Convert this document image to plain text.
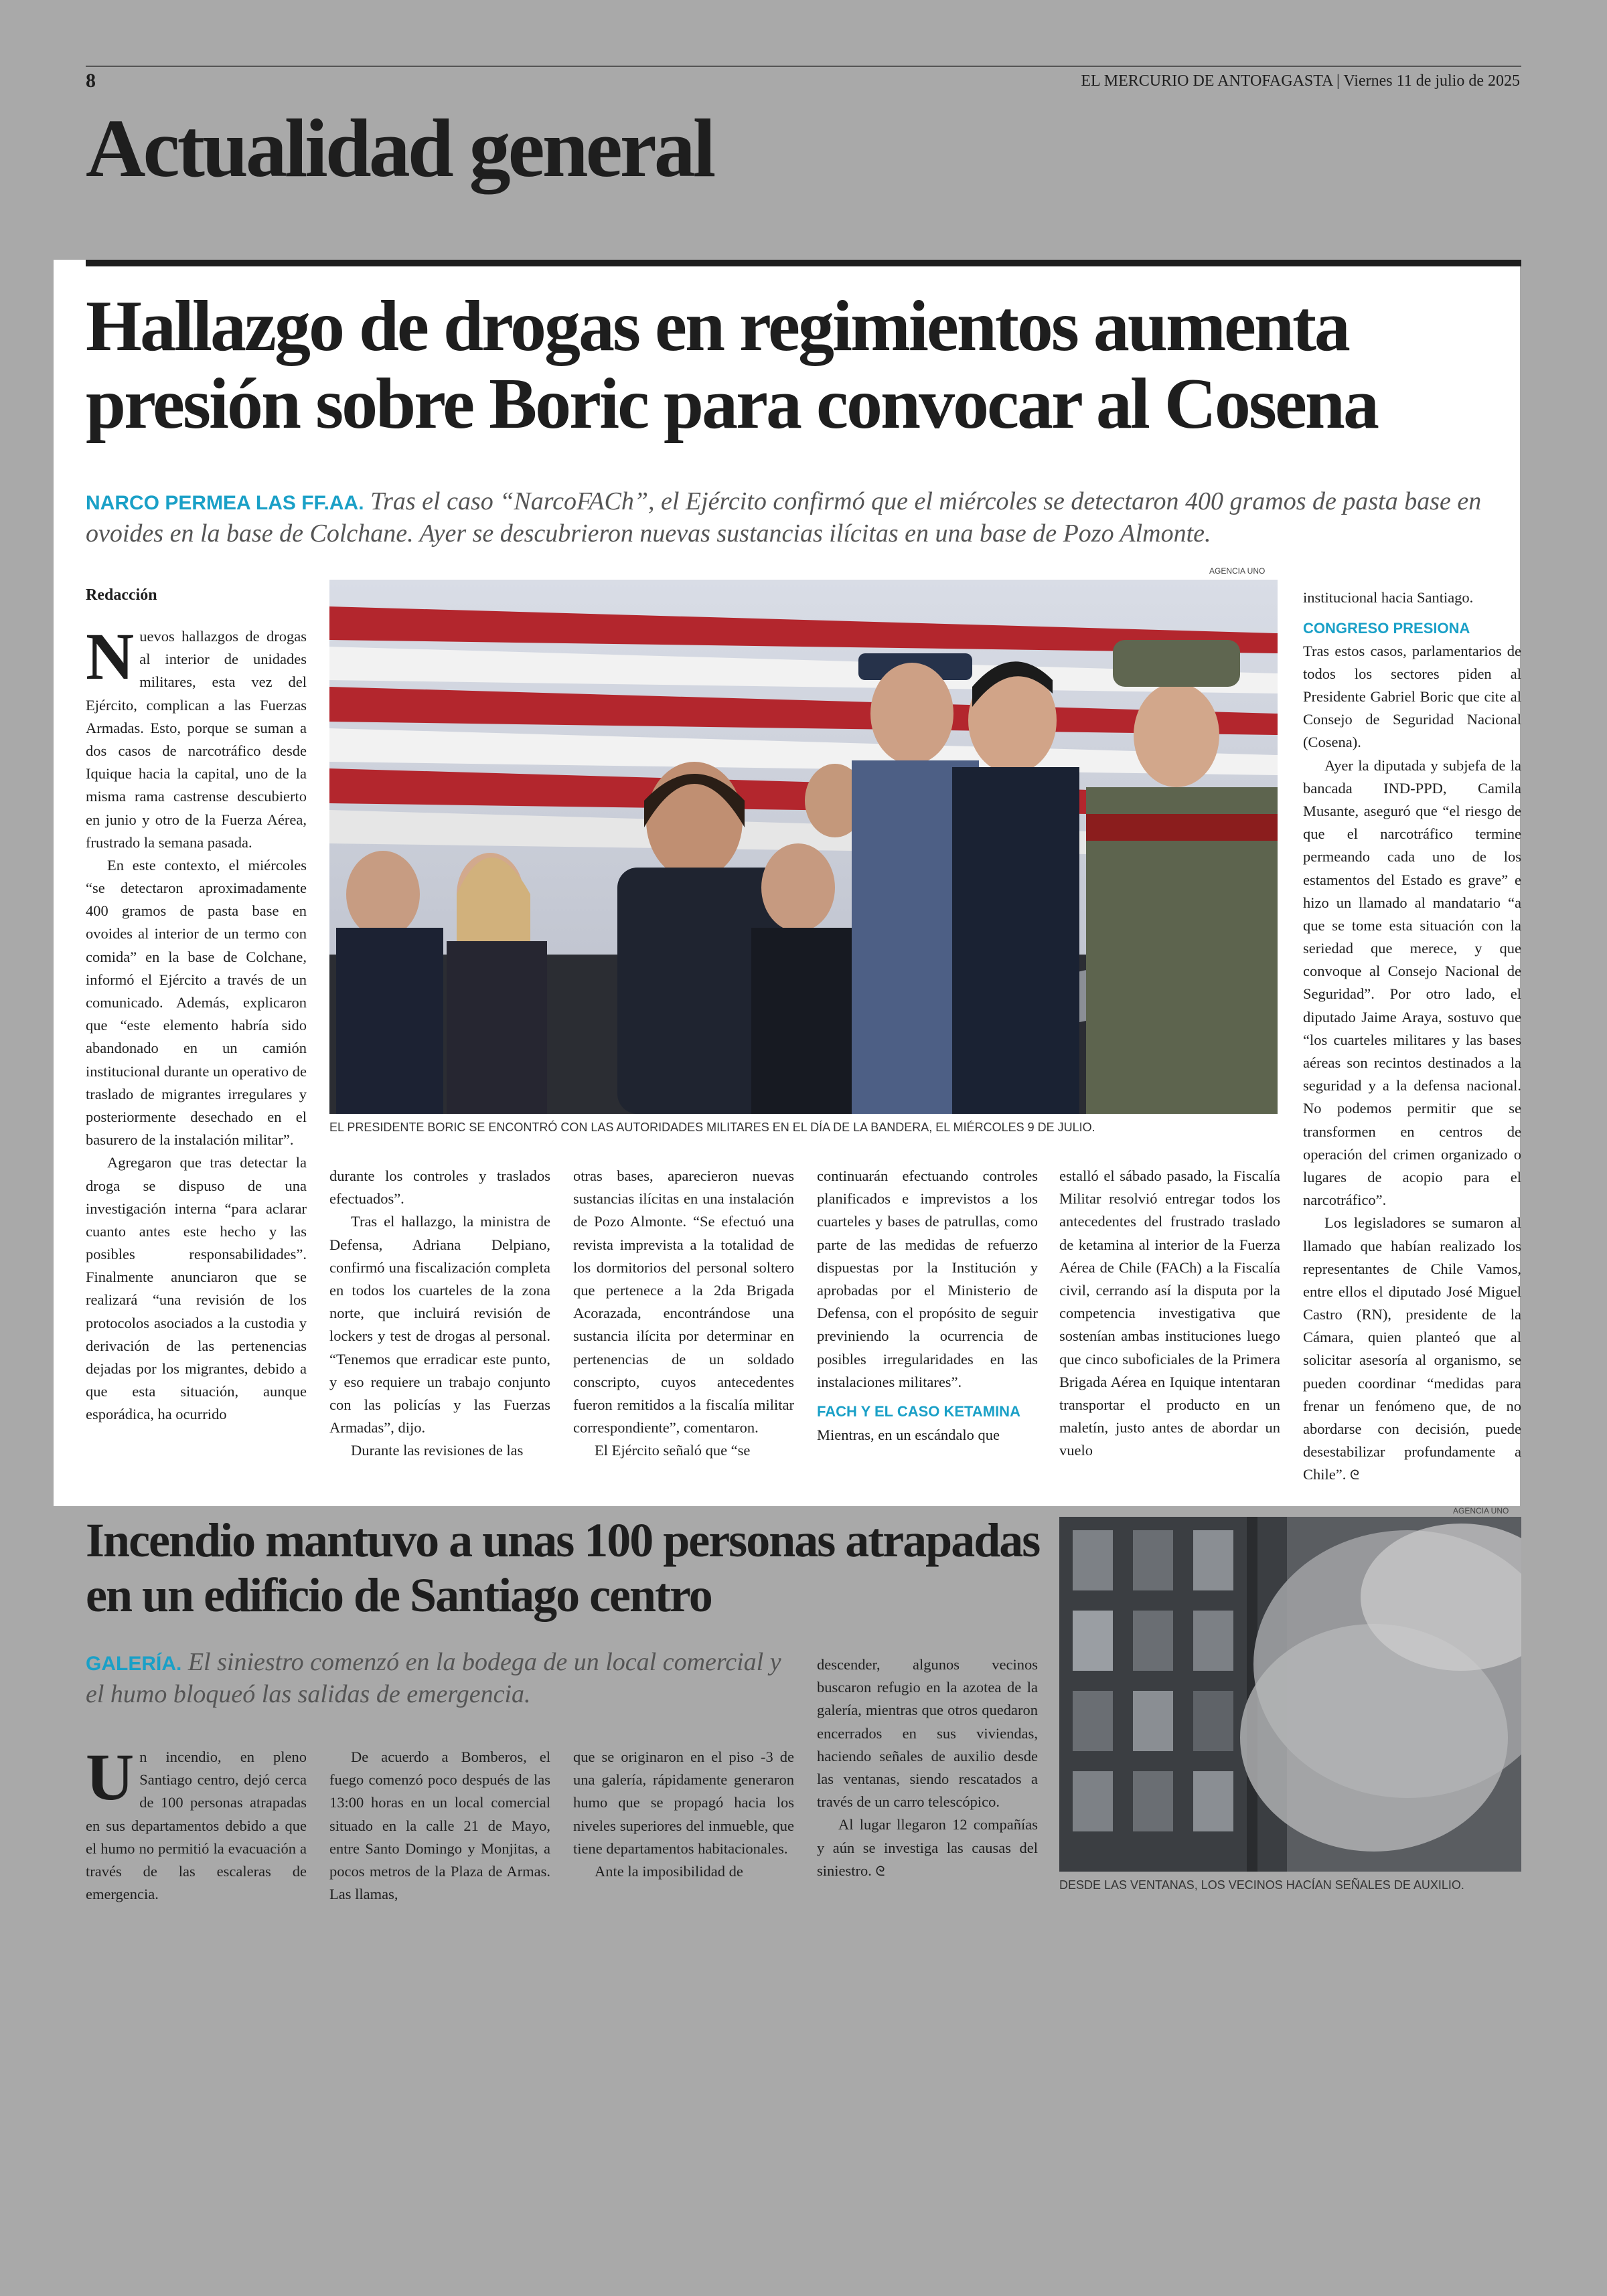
8	EL MERCURIO DE ANTOFAGASTA | Viernes 11 de julio de 2025
Actualidad general
Hallazgo de drogas en regimientos aumenta presión sobre Boric para convocar al Cosena
NARCO PERMEA LAS FF.AA. Tras el caso “NarcoFACh”, el Ejército confirmó que el miércoles se detectaron 400 gramos de pasta base en ovoides en la base de Colchane. Ayer se descubrieron nuevas sustancias ilícitas en una base de Pozo Almonte.
Redacción
AGENCIA UNO
EL PRESIDENTE BORIC SE ENCONTRÓ CON LAS AUTORIDADES MILITARES EN EL DÍA DE LA BANDERA, EL MIÉRCOLES 9 DE JULIO.

Nuevos hallazgos de drogas al interior de unidades militares, esta vez del Ejército, complican a las Fuerzas Armadas. Esto, porque se suman a dos casos de narcotráfico desde Iquique hacia la capital, uno de la misma rama castrense descubierto en junio y otro de la Fuerza Aérea, frustrado la semana pasada.

En este contexto, el miércoles “se detectaron aproximadamente 400 gramos de pasta base en ovoides al interior de un termo con comida” en la base de Colchane, informó el Ejército a través de un comunicado. Además, explicaron que “este elemento habría sido abandonado en un camión institucional durante un operativo de traslado de migrantes irregulares y posteriormente desechado en el basurero de la instalación militar”.

Agregaron que tras detectar la droga se dispuso de una investigación interna “para aclarar cuanto antes este hecho y las posibles responsabilidades”. Finalmente anunciaron que se realizará “una revisión de los protocolos asociados a la custodia y derivación de las pertenencias dejadas por los migrantes, debido a que esta situación, aunque esporádica, ha ocurrido

durante los controles y traslados efectuados”.

Tras el hallazgo, la ministra de Defensa, Adriana Delpiano, confirmó una fiscalización completa en todos los cuarteles de la zona norte, que incluirá revisión de lockers y test de drogas al personal. “Tenemos que erradicar este punto, y eso requiere un trabajo conjunto con las policías y las Fuerzas Armadas”, dijo.

Durante las revisiones de las

otras bases, aparecieron nuevas sustancias ilícitas en una instalación de Pozo Almonte. “Se efectuó una revista imprevista a la totalidad de los dormitorios del personal soltero que pertenece a la 2da Brigada Acorazada, encontrándose una sustancia ilícita por determinar en pertenencias de un soldado conscripto, cuyos antecedentes fueron remitidos a la fiscalía militar correspondiente”, comentaron.

El Ejército señaló que “se

continuarán efectuando controles planificados e imprevistos a los cuarteles y bases de patrullas, como parte de las medidas de refuerzo dispuestas por la Institución y aprobadas por el Ministerio de Defensa, con el propósito de seguir previniendo la ocurrencia de posibles irregularidades en las instalaciones militares”.

FACH Y EL CASO KETAMINA

Mientras, en un escándalo que

estalló el sábado pasado, la Fiscalía Militar resolvió entregar todos los antecedentes del frustrado traslado de ketamina al interior de la Fuerza Aérea de Chile (FACh) a la Fiscalía civil, cerrando así la disputa por la competencia investigativa que sostenían ambas instituciones luego que cinco suboficiales de la Primera Brigada Aérea en Iquique intentaran transportar el producto en un maletín, justo antes de abordar un vuelo

institucional hacia Santiago.

CONGRESO PRESIONA

Tras estos casos, parlamentarios de todos los sectores piden al Presidente Gabriel Boric que cite al Consejo de Seguridad Nacional (Cosena).

Ayer la diputada y subjefa de la bancada IND-PPD, Camila Musante, aseguró que “el riesgo de que el narcotráfico termine permeando cada uno de los estamentos del Estado es grave” e hizo un llamado al mandatario “a que se tome esta situación con la seriedad que merece, y que convoque al Consejo Nacional de Seguridad”. Por otro lado, el diputado Jaime Araya, sostuvo que “los cuarteles militares y las bases aéreas son recintos destinados a la seguridad y a la defensa nacional. No podemos permitir que se transformen en centros de operación del crimen organizado o lugares de acopio para el narcotráfico”.

Los legisladores se sumaron al llamado que habían realizado los representantes de Chile Vamos, entre ellos el diputado José Miguel Castro (RN), presidente de la Cámara, quien planteó que al solicitar asesoría al organismo, se pueden coordinar “medidas para frenar un fenómeno que, de no abordarse con decisión, puede desestabilizar profundamente a Chile”. ᘓ

Incendio mantuvo a unas 100 personas atrapadas en un edificio de Santiago centro
GALERÍA. El siniestro comenzó en la bodega de un local comercial y el humo bloqueó las salidas de emergencia.
AGENCIA UNO
DESDE LAS VENTANAS, LOS VECINOS HACÍAN SEÑALES DE AUXILIO.

Un incendio, en pleno Santiago centro, dejó cerca de 100 personas atrapadas en sus departamentos debido a que el humo no permitió la evacuación a través de las escaleras de emergencia.

De acuerdo a Bomberos, el fuego comenzó poco después de las 13:00 horas en un local comercial situado en la calle 21 de Mayo, entre Santo Domingo y Monjitas, a pocos metros de la Plaza de Armas. Las llamas,

que se originaron en el piso -3 de una galería, rápidamente generaron humo que se propagó hacia los niveles superiores del inmueble, que tiene departamentos habitacionales.

Ante la imposibilidad de

descender, algunos vecinos buscaron refugio en la azotea de la galería, mientras que otros quedaron encerrados en sus viviendas, haciendo señales de auxilio desde las ventanas, siendo rescatados a través de un carro telescópico.

Al lugar llegaron 12 compañías y aún se investiga las causas del siniestro. ᘓ
